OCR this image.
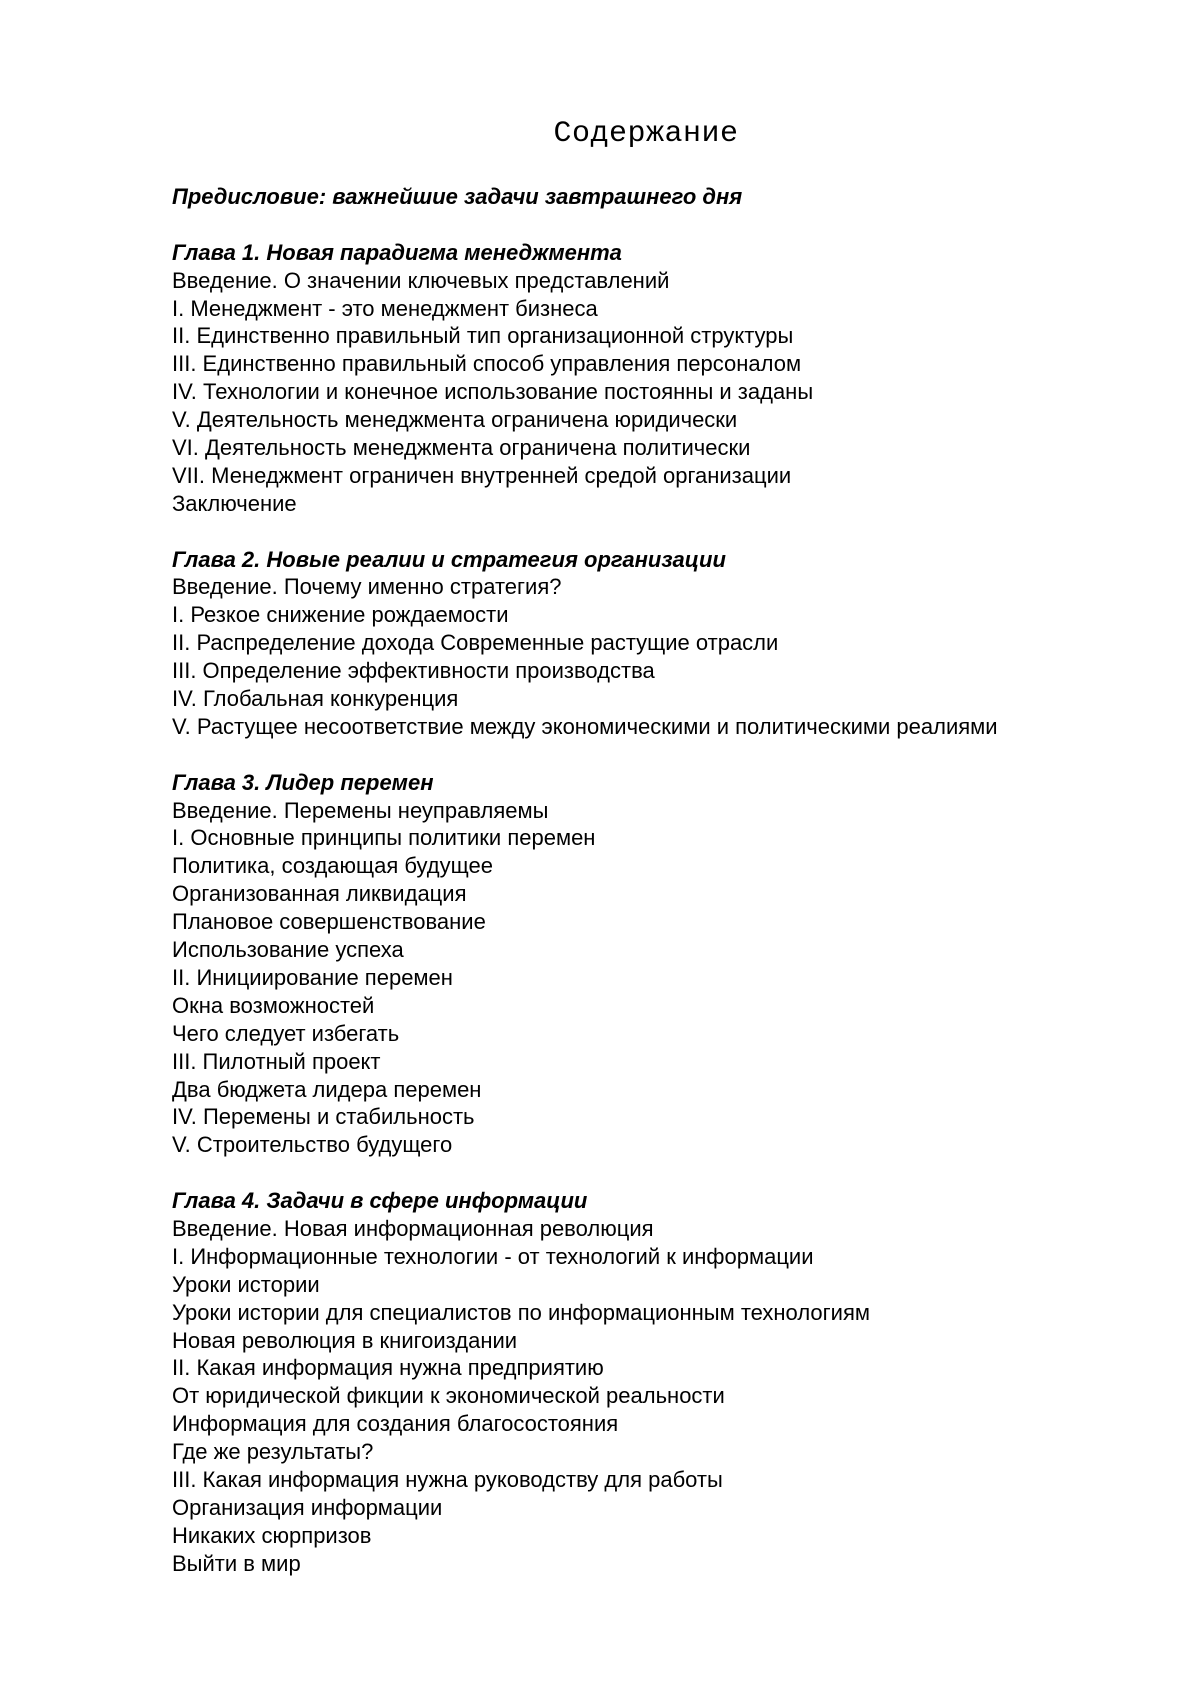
Содержание
Предисловие: важнейшие задачи завтрашнего дня
Глава 1. Новая парадигма менеджмента
Введение. О значении ключевых представлений
I. Менеджмент - это менеджмент бизнеса
II. Единственно правильный тип организационной структуры
III. Единственно правильный способ управления персоналом
IV. Технологии и конечное использование постоянны и заданы
V. Деятельность менеджмента ограничена юридически
VI. Деятельность менеджмента ограничена политически
VII. Менеджмент ограничен внутренней средой организации
Заключение
Глава 2. Новые реалии и стратегия организации
Введение. Почему именно стратегия?
I. Резкое снижение рождаемости
II. Распределение дохода Современные растущие отрасли
III. Определение эффективности производства
IV. Глобальная конкуренция
V. Растущее несоответствие между экономическими и политическими реалиями
Глава 3. Лидер перемен
Введение. Перемены неуправляемы
I. Основные принципы политики перемен
Политика, создающая будущее
Организованная ликвидация
Плановое совершенствование
Использование успеха
II. Инициирование перемен
Окна возможностей
Чего следует избегать
III. Пилотный проект
Два бюджета лидера перемен
IV. Перемены и стабильность
V. Строительство будущего
Глава 4. Задачи в сфере информации
Введение. Новая информационная революция
I. Информационные технологии - от технологий к информации
Уроки истории
Уроки истории для специалистов по информационным технологиям
Новая революция в книгоиздании
II. Какая информация нужна предприятию
От юридической фикции к экономической реальности
Информация для создания благосостояния
Где же результаты?
III. Какая информация нужна руководству для работы
Организация информации
Никаких сюрпризов
Выйти в мир
